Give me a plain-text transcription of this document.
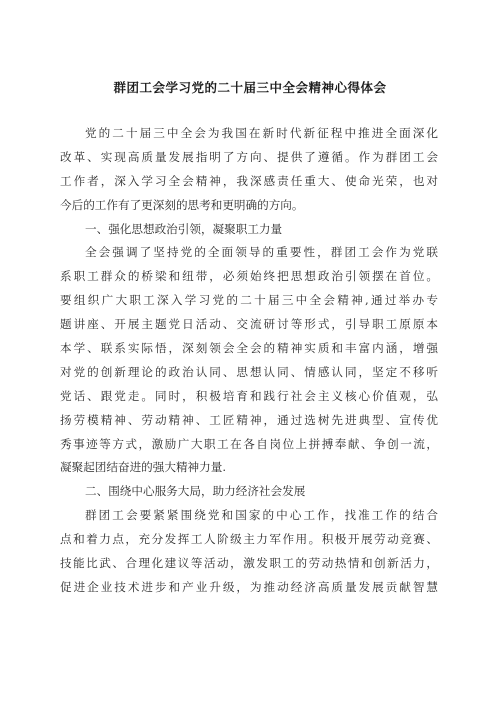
群团工会学习党的二十届三中全会精神心得体会
党的二十届三中全会为我国在新时代新征程中推进全面深化
改革、实现高质量发展指明了方向、提供了遵循。作为群团工会
工作者，深入学习全会精神，我深感责任重大、使命光荣，也对
今后的工作有了更深刻的思考和更明确的方向。
一、强化思想政治引领，凝聚职工力量
全会强调了坚持党的全面领导的重要性，群团工会作为党联
系职工群众的桥梁和纽带，必须始终把思想政治引领摆在首位。
要组织广大职工深入学习党的二十届三中全会精神,通过举办专
题讲座、开展主题党日活动、交流研讨等形式，引导职工原原本
本学、联系实际悟，深刻领会全会的精神实质和丰富内涵，增强
对党的创新理论的政治认同、思想认同、情感认同，坚定不移听
党话、跟党走。同时，积极培育和践行社会主义核心价值观，弘
扬劳模精神、劳动精神、工匠精神，通过选树先进典型、宣传优
秀事迹等方式，激励广大职工在各自岗位上拼搏奉献、争创一流，
凝聚起团结奋进的强大精神力量.
二、围绕中心服务大局，助力经济社会发展
群团工会要紧紧围绕党和国家的中心工作，找准工作的结合
点和着力点，充分发挥工人阶级主力军作用。积极开展劳动竞赛、
技能比武、合理化建议等活动，激发职工的劳动热情和创新活力，
促进企业技术进步和产业升级，为推动经济高质量发展贡献智慧
